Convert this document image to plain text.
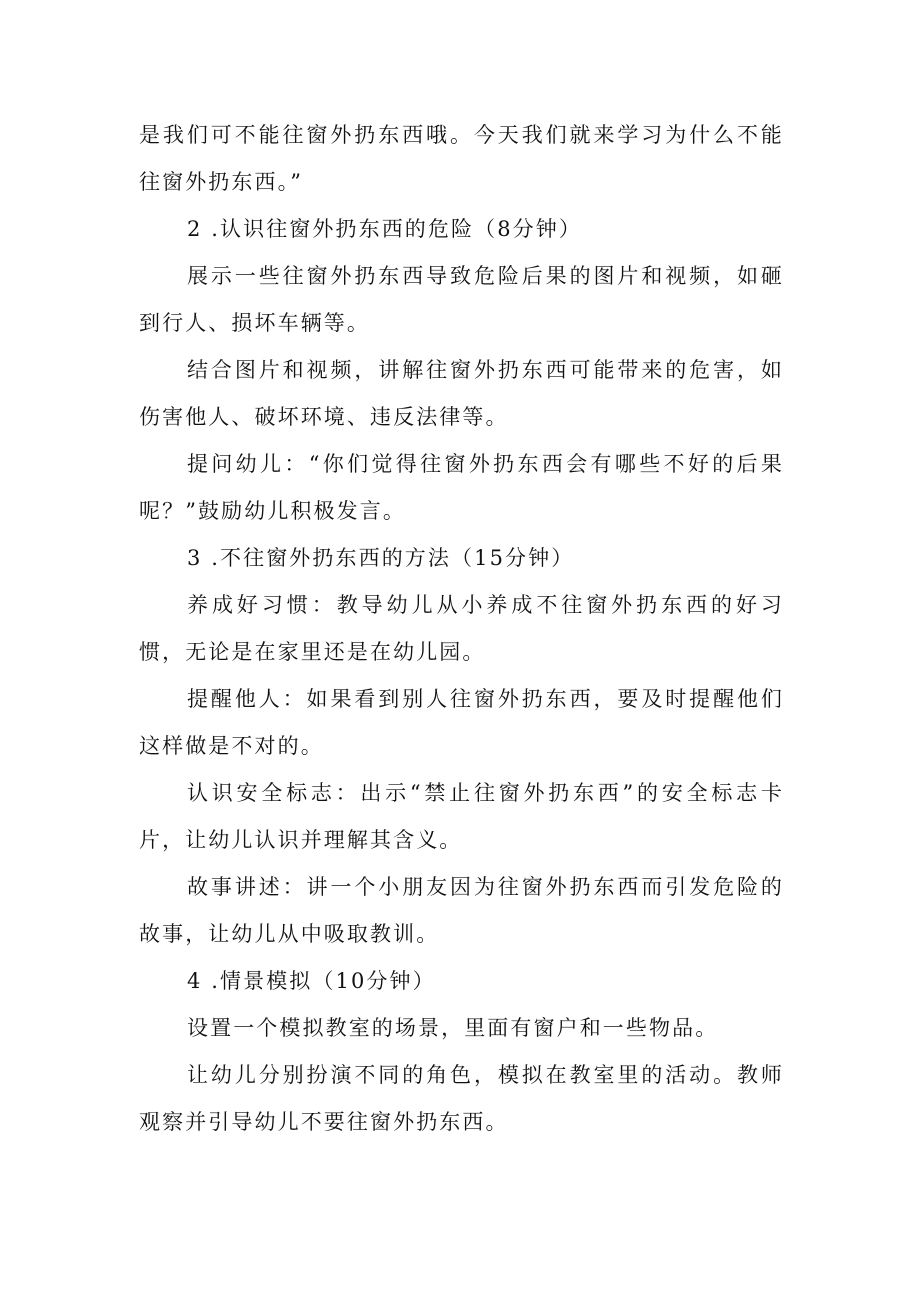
是我们可不能往窗外扔东西哦。今天我们就来学习为什么不能往窗外扔东西。”

2 .认识往窗外扔东西的危险（8分钟）

展示一些往窗外扔东西导致危险后果的图片和视频，如砸到行人、损坏车辆等。

结合图片和视频，讲解往窗外扔东西可能带来的危害，如伤害他人、破坏环境、违反法律等。

提问幼儿：“你们觉得往窗外扔东西会有哪些不好的后果呢？”鼓励幼儿积极发言。

3 .不往窗外扔东西的方法（15分钟）

养成好习惯：教导幼儿从小养成不往窗外扔东西的好习惯，无论是在家里还是在幼儿园。

提醒他人：如果看到别人往窗外扔东西，要及时提醒他们这样做是不对的。

认识安全标志：出示“禁止往窗外扔东西”的安全标志卡片，让幼儿认识并理解其含义。

故事讲述：讲一个小朋友因为往窗外扔东西而引发危险的故事，让幼儿从中吸取教训。

4 .情景模拟（10分钟）

设置一个模拟教室的场景，里面有窗户和一些物品。

让幼儿分别扮演不同的角色，模拟在教室里的活动。教师观察并引导幼儿不要往窗外扔东西。
